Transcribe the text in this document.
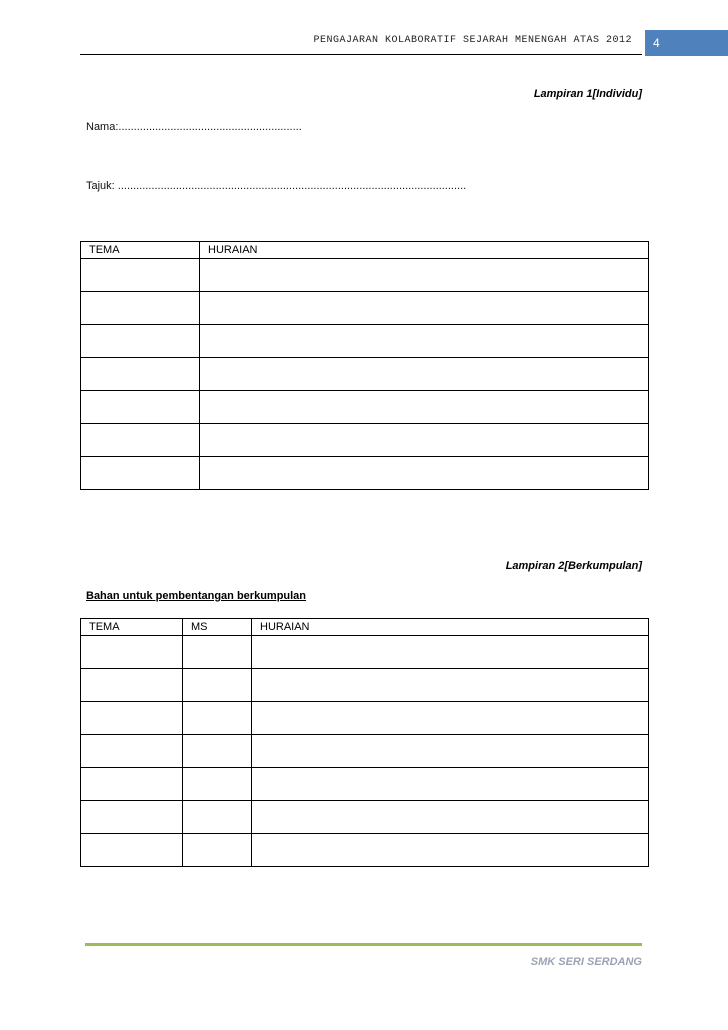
PENGAJARAN KOLABORATIF SEJARAH MENENGAH ATAS 2012	4
Lampiran 1[Individu]
Nama:............................................................
Tajuk: ..................................................................................................................
TEMA	HURAIAN

Lampiran 2[Berkumpulan]
Bahan untuk pembentangan berkumpulan
TEMA	MS	HURAIAN

SMK SERI SERDANG
